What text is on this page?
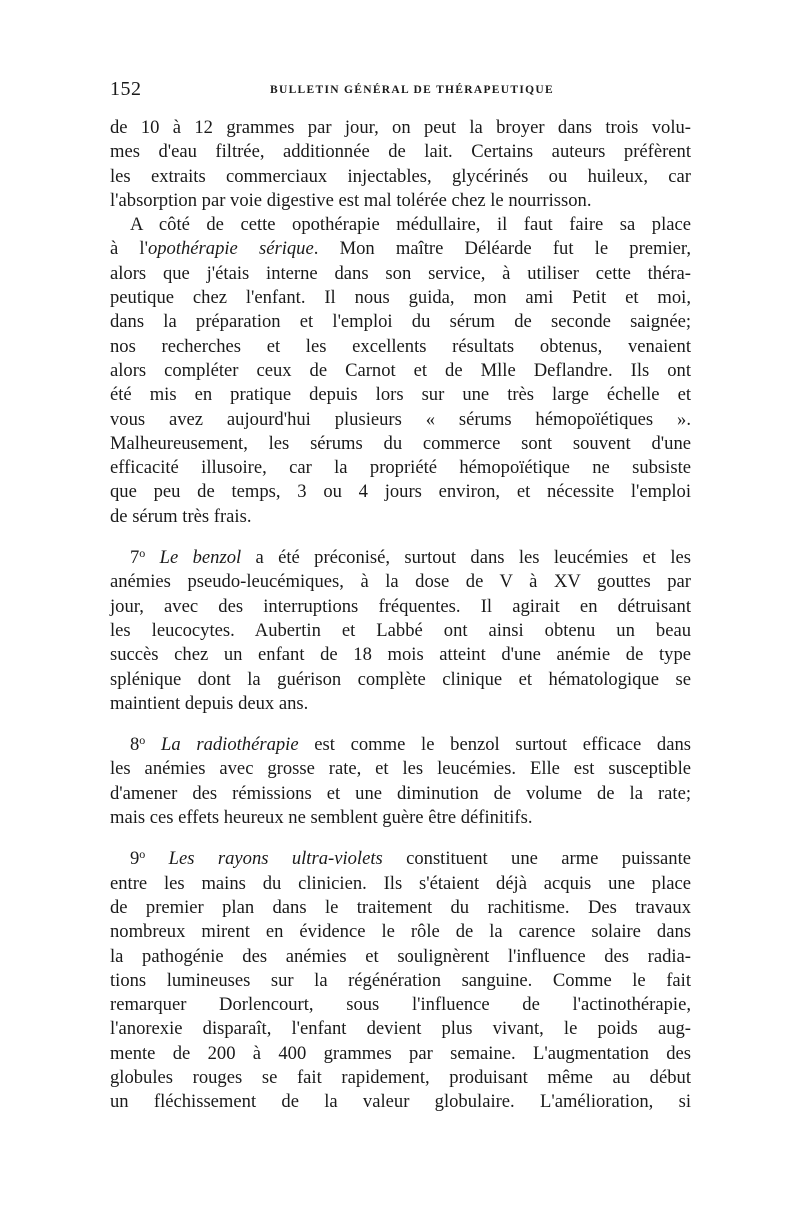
152	BULLETIN GÉNÉRAL DE THÉRAPEUTIQUE

de 10 à 12 grammes par jour, on peut la broyer dans trois volu-
mes d'eau filtrée, additionnée de lait. Certains auteurs préfèrent
les extraits commerciaux injectables, glycérinés ou huileux, car
l'absorption par voie digestive est mal tolérée chez le nourrisson.

A côté de cette opothérapie médullaire, il faut faire sa place
à l'opothérapie sérique. Mon maître Déléarde fut le premier,
alors que j'étais interne dans son service, à utiliser cette théra-
peutique chez l'enfant. Il nous guida, mon ami Petit et moi,
dans la préparation et l'emploi du sérum de seconde saignée;
nos recherches et les excellents résultats obtenus, venaient
alors compléter ceux de Carnot et de Mlle Deflandre. Ils ont
été mis en pratique depuis lors sur une très large échelle et
vous avez aujourd'hui plusieurs « sérums hémopoïétiques ».
Malheureusement, les sérums du commerce sont souvent d'une
efficacité illusoire, car la propriété hémopoïétique ne subsiste
que peu de temps, 3 ou 4 jours environ, et nécessite l'emploi
de sérum très frais.

7$^o$ Le benzol a été préconisé, surtout dans les leucémies et les
anémies pseudo-leucémiques, à la dose de V à XV gouttes par
jour, avec des interruptions fréquentes. Il agirait en détruisant
les leucocytes. Aubertin et Labbé ont ainsi obtenu un beau
succès chez un enfant de 18 mois atteint d'une anémie de type
splénique dont la guérison complète clinique et hématologique se
maintient depuis deux ans.

8$^o$ La radiothérapie est comme le benzol surtout efficace dans
les anémies avec grosse rate, et les leucémies. Elle est susceptible
d'amener des rémissions et une diminution de volume de la rate;
mais ces effets heureux ne semblent guère être définitifs.

9$^o$ Les rayons ultra-violets constituent une arme puissante
entre les mains du clinicien. Ils s'étaient déjà acquis une place
de premier plan dans le traitement du rachitisme. Des travaux
nombreux mirent en évidence le rôle de la carence solaire dans
la pathogénie des anémies et soulignèrent l'influence des radia-
tions lumineuses sur la régénération sanguine. Comme le fait
remarquer Dorlencourt, sous l'influence de l'actinothérapie,
l'anorexie disparaît, l'enfant devient plus vivant, le poids aug-
mente de 200 à 400 grammes par semaine. L'augmentation des
globules rouges se fait rapidement, produisant même au début
un fléchissement de la valeur globulaire. L'amélioration, si
